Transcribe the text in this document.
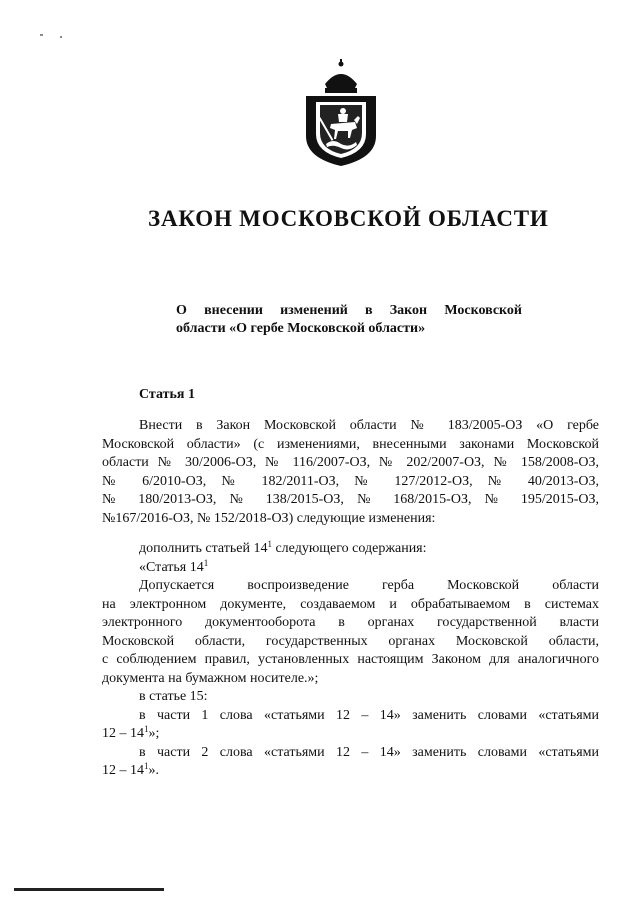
ЗАКОН МОСКОВСКОЙ ОБЛАСТИ
О внесении изменений в Закон Московской
области «О гербе Московской области»
Статья 1
Внести в Закон Московской области № 183/2005-ОЗ «О гербе
Московской области» (с изменениями, внесенными законами Московской
области № 30/2006-ОЗ, № 116/2007-ОЗ, № 202/2007-ОЗ, № 158/2008-ОЗ,
№ 6/2010-ОЗ, № 182/2011-ОЗ, № 127/2012-ОЗ, № 40/2013-ОЗ,
№ 180/2013-ОЗ, № 138/2015-ОЗ, № 168/2015-ОЗ, № 195/2015-ОЗ,
№167/2016-ОЗ, № 152/2018-ОЗ) следующие изменения:
дополнить статьей $14^1$ следующего содержания:
«Статья $14^1$
Допускается воспроизведение герба Московской области
на электронном документе, создаваемом и обрабатываемом в системах
электронного документооборота в органах государственной власти
Московской области, государственных органах Московской области,
с соблюдением правил, установленных настоящим Законом для аналогичного
документа на бумажном носителе.»;
в статье 15:
в части 1 слова «статьями 12 – 14» заменить словами «статьями
$12 - 14^1$»;
в части 2 слова «статьями 12 – 14» заменить словами «статьями
$12 - 14^1$».
